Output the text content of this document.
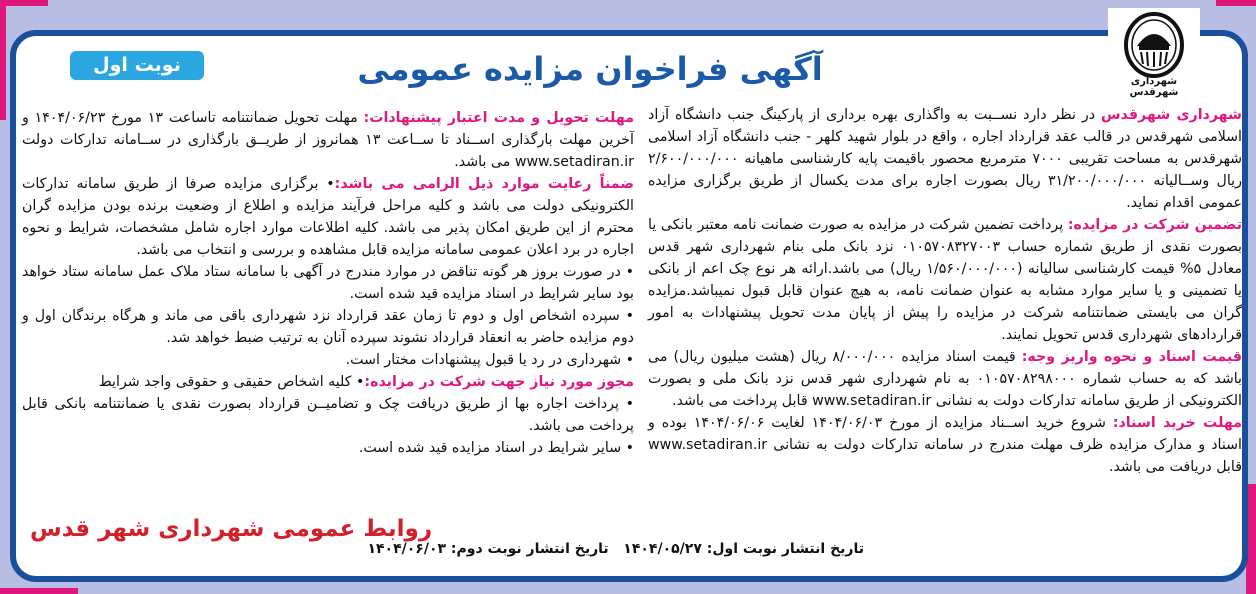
شهرداری شهرقدس
آگهی فراخوان مزایده عمومی
نوبت اول

شهرداری شهرقدس در نظر دارد نســبت به واگذاری بهره برداری از پارکینگ جنب دانشگاه آزاد اسلامی شهرقدس در قالب عقد قرارداد اجاره ، واقع در بلوار شهید کلهر - جنب دانشگاه آزاد اسلامی شهرقدس به مساحت تقریبی ۷۰۰۰ مترمربع محصور باقیمت پایه کارشناسی ماهیانه ۲/۶۰۰/۰۰۰/۰۰۰ ریال وســالیانه ۳۱/۲۰۰/۰۰۰/۰۰۰ ریال بصورت اجاره برای مدت یکسال از طریق برگزاری مزایده عمومی اقدام نماید.

تضمین شرکت در مزایده: پرداخت تضمین شرکت در مزایده به صورت ضمانت نامه معتبر بانکی یا بصورت نقدی از طریق شماره حساب ۰۱۰۵۷۰۸۳۲۷۰۰۳ نزد بانک ملی بنام شهرداری شهر قدس معادل ۵% قیمت کارشناسی سالیانه (۱/۵۶۰/۰۰۰/۰۰۰ ریال) می باشد.ارائه هر نوع چک اعم از بانکی یا تضمینی و یا سایر موارد مشابه به عنوان ضمانت نامه، به هیچ عنوان قابل قبول نمیباشد.مزایده گران می بایستی ضمانتنامه شرکت در مزایده را پیش از پایان مدت تحویل پیشنهادات به امور قراردادهای شهرداری قدس تحویل نمایند.

قیمت اسناد و نحوه واریز وجه: قیمت اسناد مزایده ۸/۰۰۰/۰۰۰ ریال (هشت میلیون ریال) می باشد که به حساب شماره ۰۱۰۵۷۰۸۲۹۸۰۰۰ به نام شهرداری شهر قدس نزد بانک ملی و بصورت الکترونیکی از طریق سامانه تدارکات دولت به نشانی www.setadiran.ir قابل پرداخت می باشد.

مهلت خرید اسناد: شروع خرید اســناد مزایده از مورخ ۱۴۰۴/۰۶/۰۳ لغایت ۱۴۰۴/۰۶/۰۶ بوده و اسناد و مدارک مزایده ظرف مهلت مندرج در سامانه تدارکات دولت به نشانی www.setadiran.ir قابل دریافت می باشد.

مهلت تحویل و مدت اعتبار پیشنهادات: مهلت تحویل ضمانتنامه تاساعت ۱۳ مورخ ۱۴۰۴/۰۶/۲۳ و آخرین مهلت بارگذاری اســناد تا ســاعت ۱۳ همانروز از طریــق بارگذاری در ســامانه تدارکات دولت www.setadiran.ir می باشد.

ضمناً رعایت موارد ذیل الزامی می باشد:• برگزاری مزایده صرفا از طریق سامانه تدارکات الکترونیکی دولت می باشد و کلیه مراحل فرآیند مزایده و اطلاع از وضعیت برنده بودن مزایده گران محترم از این طریق امکان پذیر می باشد. کلیه اطلاعات موارد اجاره شامل مشخصات، شرایط و نحوه اجاره در برد اعلان عمومی سامانه مزایده قابل مشاهده و بررسی و انتخاب می باشد.

• در صورت بروز هر گونه تناقض در موارد مندرج در آگهی با سامانه ستاد ملاک عمل سامانه ستاد خواهد بود سایر شرایط در اسناد مزایده قید شده است.

• سپرده اشخاص اول و دوم تا زمان عقد قرارداد نزد شهرداری باقی می ماند و هرگاه برندگان اول و دوم مزایده حاضر به انعقاد قرارداد نشوند سپرده آنان به ترتیب ضبط خواهد شد.

• شهرداری در رد یا قبول پیشنهادات مختار است.

مجوز مورد نیاز جهت شرکت در مزایده:• کلیه اشخاص حقیقی و حقوقی واجد شرایط

• پرداخت اجاره بها از طریق دریافت چک و تضامیــن قرارداد بصورت نقدی یا ضمانتنامه بانکی قابل پرداخت می باشد.

• سایر شرایط در اسناد مزایده قید شده است.

روابط عمومی شهرداری شهر قدس
تاریخ انتشار نوبت اول: ۱۴۰۴/۰۵/۲۷   تاریخ انتشار نوبت دوم: ۱۴۰۴/۰۶/۰۳
